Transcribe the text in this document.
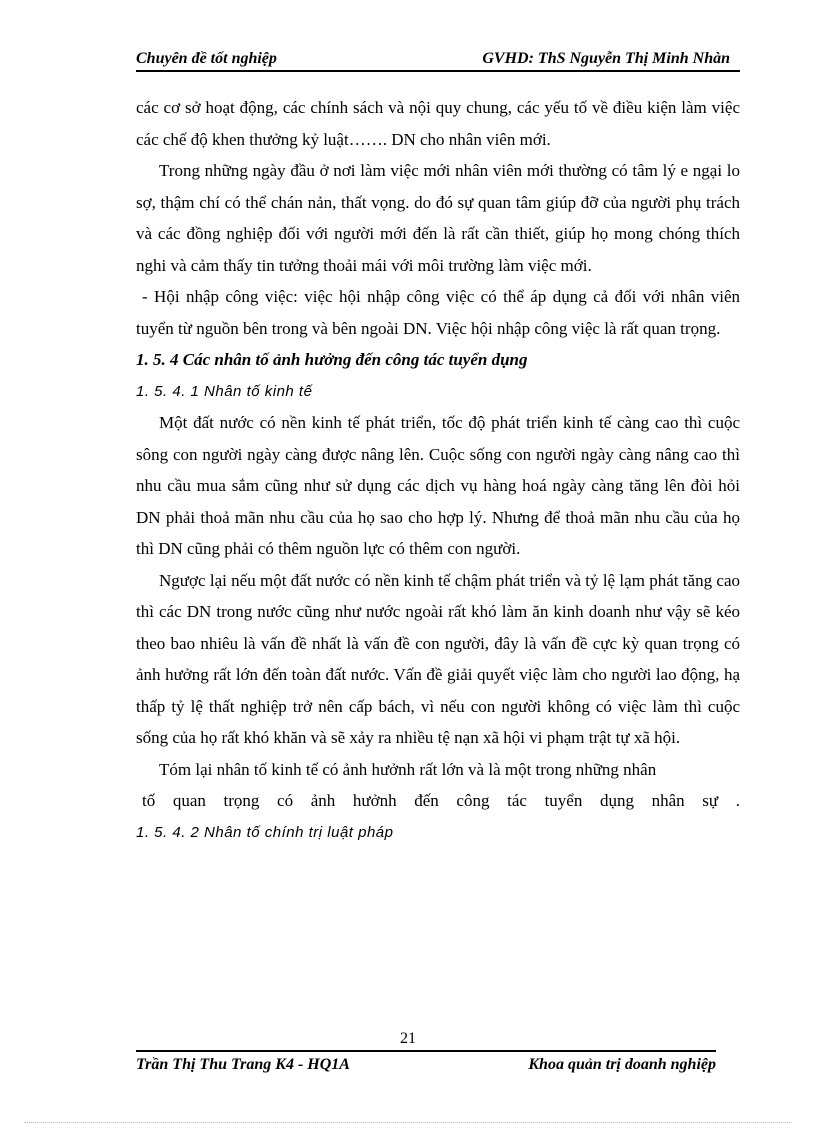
Chuyên đề tốt nghiệp	GVHD: ThS Nguyễn Thị Minh Nhàn

các cơ sở hoạt động, các chính sách và nội quy chung, các yếu tố về điều kiện làm việc các chế độ khen thưởng kỷ luật……. DN cho nhân viên mới.

Trong những ngày đầu ở nơi làm việc mới nhân viên mới thường có tâm lý e ngại lo sợ, thậm chí có thể chán nản, thất vọng. do đó sự quan tâm giúp đỡ của người phụ trách và các đồng nghiệp đối với người mới đến là rất cần thiết, giúp họ mong chóng thích nghi và cảm thấy tin tưởng thoải mái với môi trường làm việc mới.

- Hội nhập công việc: việc hội nhập công việc có thể áp dụng cả đối với nhân viên tuyển từ nguồn bên trong và bên ngoài DN. Việc hội nhập công việc là rất quan trọng.

1. 5. 4 Các nhân tố ảnh hưởng đến công tác tuyển dụng

1. 5. 4. 1 Nhân tố kinh tế

Một đất nước có nền kinh tế phát triển, tốc độ phát triển kinh tế càng cao thì cuộc sông con người ngày càng được nâng lên. Cuộc sống con người ngày càng nâng cao thì nhu cầu mua sắm cũng như sử dụng các dịch vụ hàng hoá ngày càng tăng lên đòi hỏi DN phải thoả mãn nhu cầu của họ sao cho hợp lý. Nhưng để thoả mãn nhu cầu của họ thì DN cũng phải có thêm nguồn lực có thêm con người.

Ngược lại nếu một đất nước có nền kinh tế chậm phát triển và tỷ lệ lạm phát tăng cao thì các DN trong nước cũng như nước ngoài rất khó làm ăn kinh doanh như vậy sẽ kéo theo bao nhiêu là vấn đề nhất là vấn đề con người, đây là vấn đề cực kỳ quan trọng có ảnh hưởng rất lớn đến toàn đất nước. Vấn đề giải quyết việc làm cho người lao động, hạ thấp tỷ lệ thất nghiệp trở nên cấp bách, vì nếu con người không có việc làm thì cuộc sống của họ rất khó khăn và sẽ xảy ra nhiều tệ nạn xã hội vi phạm trật tự xã hội.

Tóm lại nhân tố kinh tế có ảnh hưởnh rất lớn và là một trong những nhân

tố quan trọng có ảnh hưởnh đến công tác tuyển dụng nhân sự .

1. 5. 4. 2 Nhân tố chính trị luật pháp

21
Trần Thị Thu Trang K4 - HQ1A	Khoa quản trị doanh nghiệp
